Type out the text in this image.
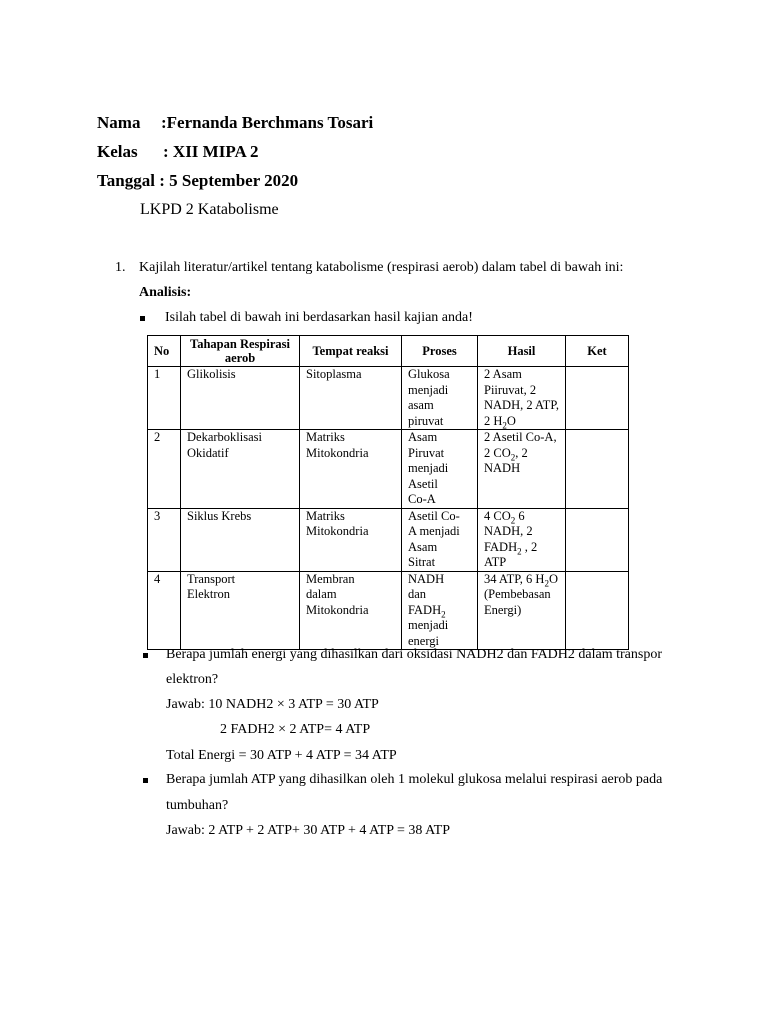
Nama :Fernanda Berchmans Tosari
Kelas : XII MIPA 2
Tanggal : 5 September 2020
LKPD 2 Katabolisme
1. Kajilah literatur/artikel tentang katabolisme (respirasi aerob) dalam tabel di bawah ini:
Analisis:
Isilah tabel di bawah ini berdasarkan hasil kajian anda!
No	Tahapan Respirasi aerob	Tempat reaksi	Proses	Hasil	Ket
1	Glikolisis	Sitoplasma	Glukosa
menjadi
asam
piruvat	2 Asam Piiruvat, 2 NADH, 2 ATP, 2 $H_2O$	
2	Dekarboklisasi
Okidatif	Matriks
Mitokondria	Asam
Piruvat
menjadi
Asetil
Co-A	2 Asetil Co-A, 2 $CO_2$, 2 NADH	
3	Siklus Krebs	Matriks
Mitokondria	Asetil Co-
A menjadi
Asam
Sitrat	4 $CO_2$ 6 NADH, 2 $FADH_2$ , 2 ATP	
4	Transport
Elektron	Membran
dalam
Mitokondria	NADH
dan
$FADH_2$
menjadi
energi	34 ATP, 6 $H_2O$ (Pembebasan Energi)	
Berapa jumlah energi yang dihasilkan dari oksidasi NADH2 dan FADH2 dalam transpor
elektron?
Jawab: 10 NADH2 × 3 ATP = 30 ATP
2 FADH2 × 2 ATP= 4 ATP
Total Energi = 30 ATP + 4 ATP = 34 ATP
Berapa jumlah ATP yang dihasilkan oleh 1 molekul glukosa melalui respirasi aerob pada
tumbuhan?
Jawab: 2 ATP + 2 ATP+ 30 ATP + 4 ATP = 38 ATP
